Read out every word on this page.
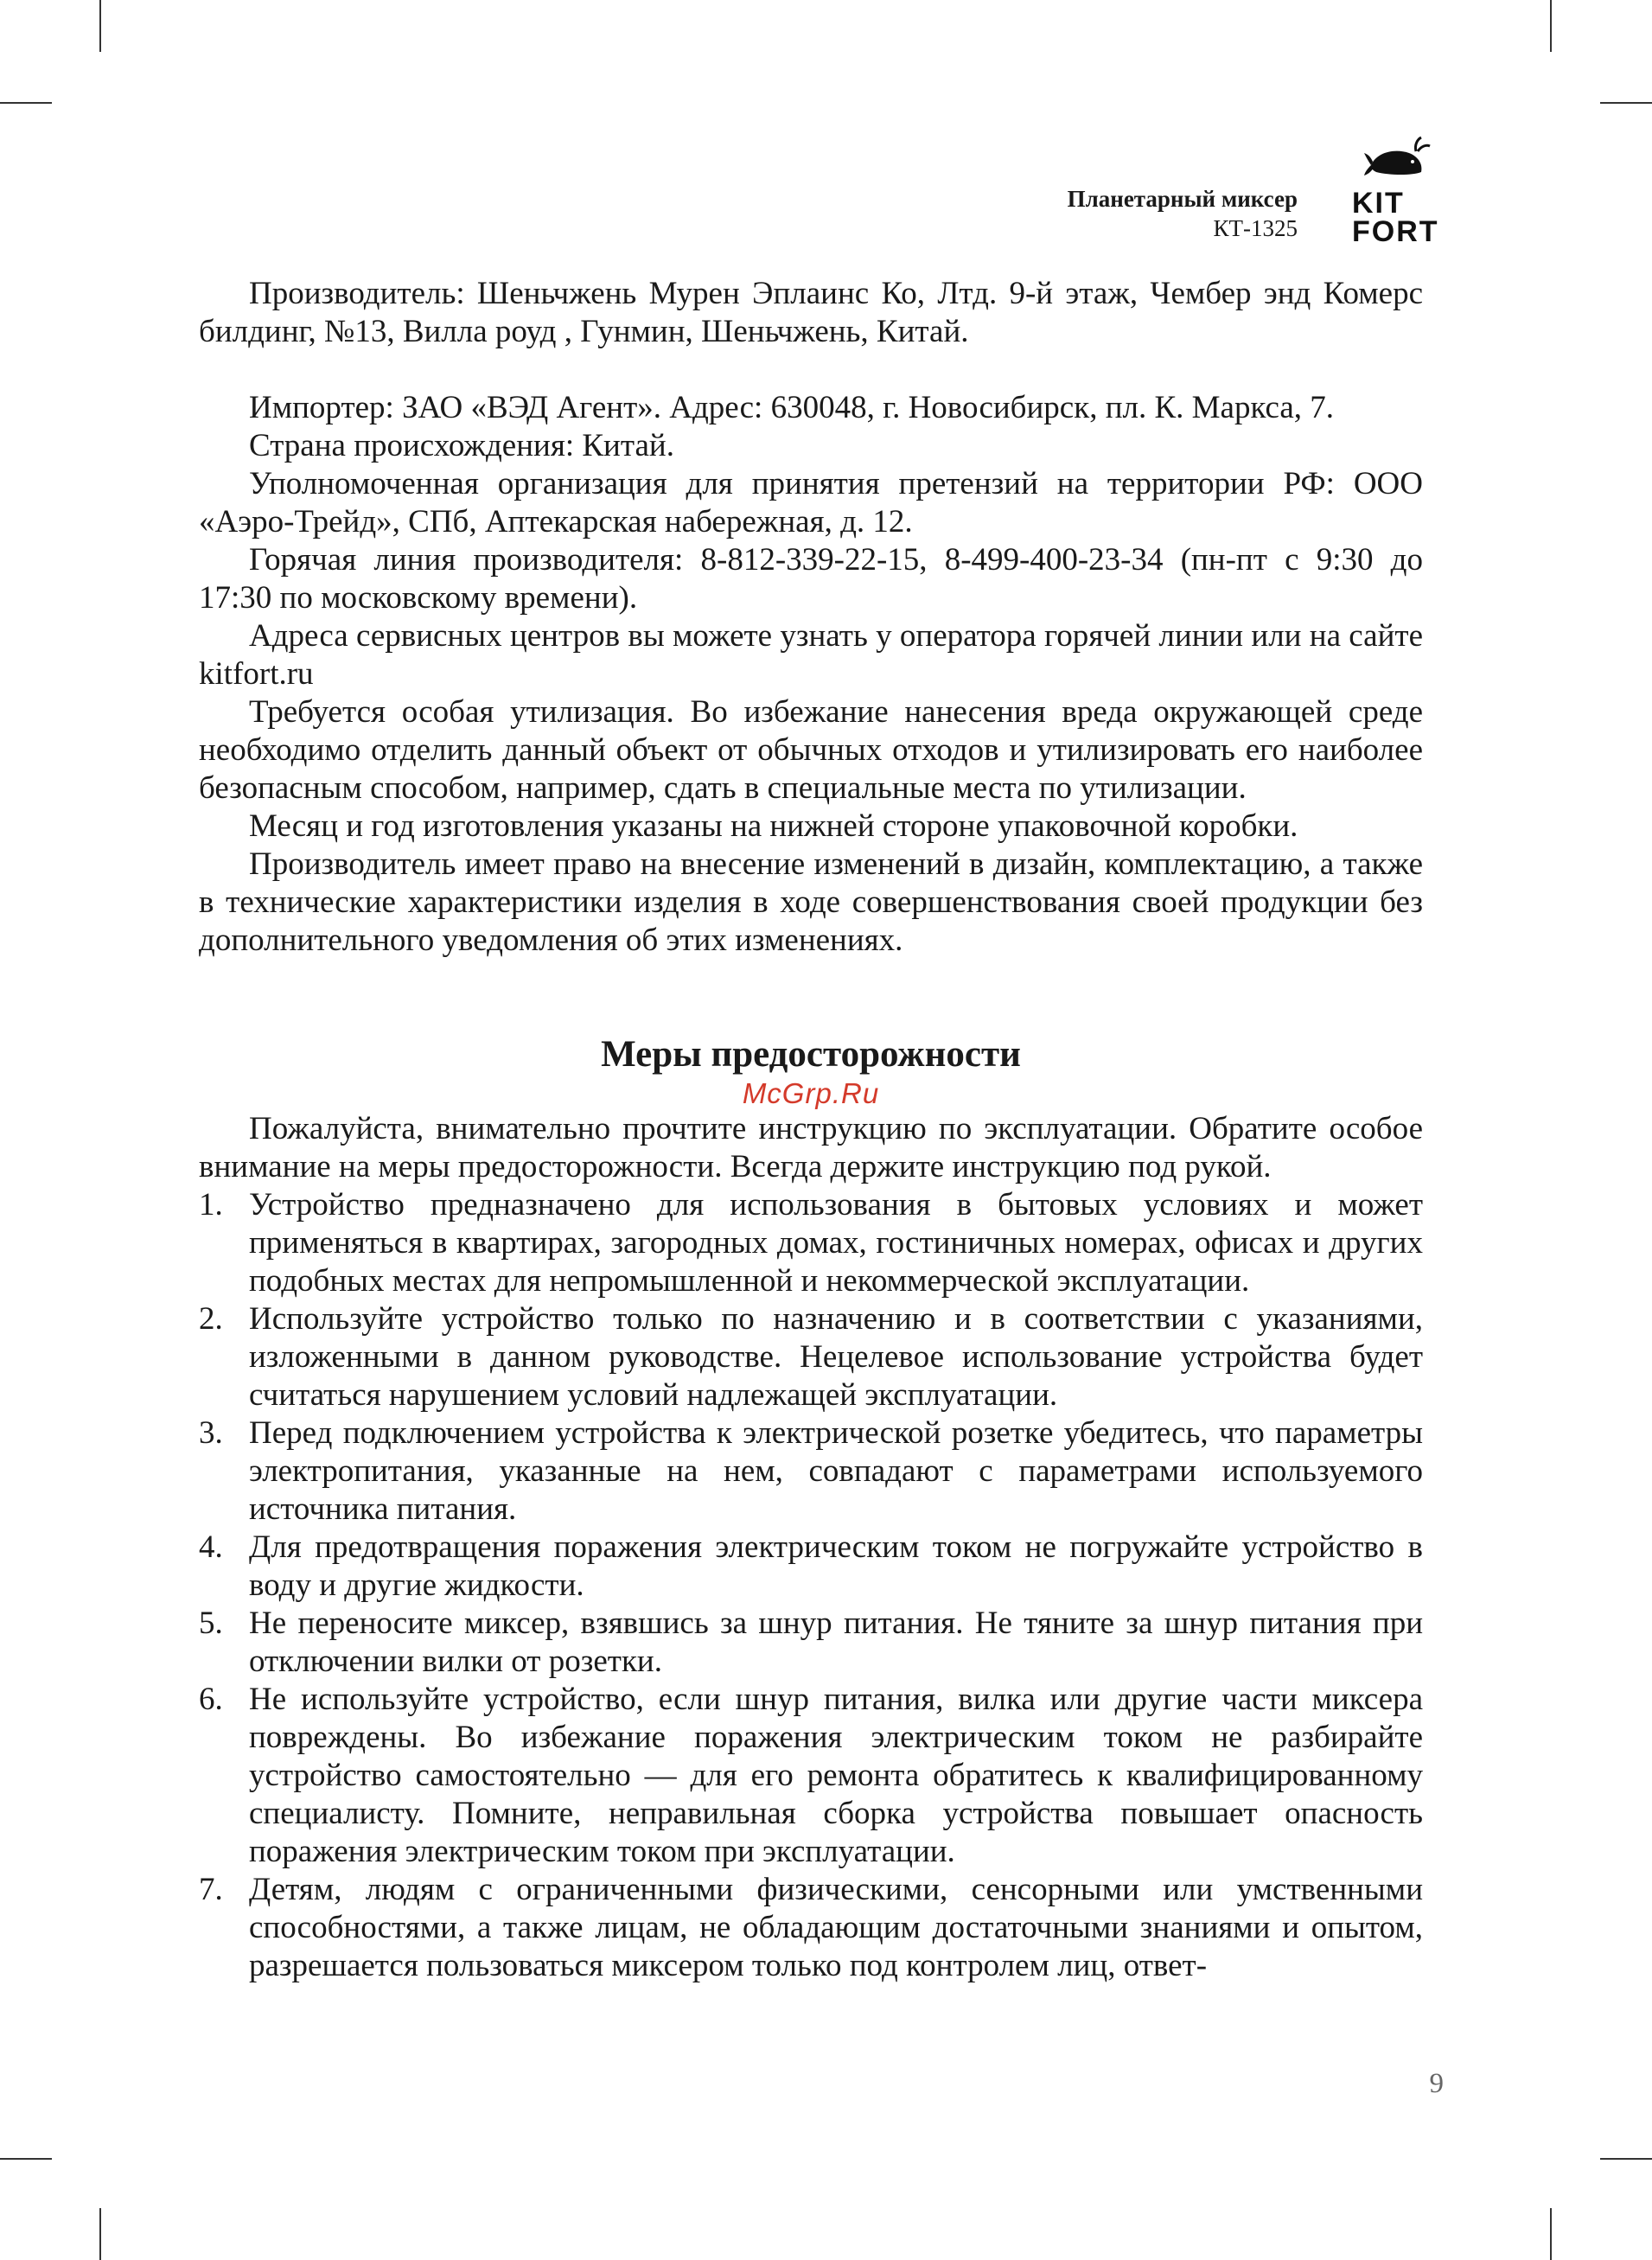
Планетарный миксер
КТ-1325
KIT
FORT

Производитель: Шеньчжень Мурен Эплаинс Ко, Лтд. 9-й этаж, Чембер энд Комерс билдинг, №13, Вилла роуд , Гунмин, Шеньчжень, Китай.

Импортер: ЗАО «ВЭД Агент». Адрес: 630048, г. Новосибирск, пл. К. Маркса, 7.

Страна происхождения: Китай.

Уполномоченная организация для принятия претензий на территории РФ: ООО «Аэро-Трейд», СПб, Аптекарская набережная, д. 12.

Горячая линия производителя: 8-812-339-22-15, 8-499-400-23-34 (пн-пт с 9:30 до 17:30 по московскому времени).

Адреса сервисных центров вы можете узнать у оператора горячей линии или на сайте kitfort.ru

Требуется особая утилизация. Во избежание нанесения вреда окружающей среде необходимо отделить данный объект от обычных отходов и утилизировать его наиболее безопасным способом, например, сдать в специальные места по утилизации.

Месяц и год изготовления указаны на нижней стороне упаковочной коробки.

Производитель имеет право на внесение изменений в дизайн, комплектацию, а также в технические характеристики изделия в ходе совершенствования своей продукции без дополнительного уведомления об этих изменениях.

Меры предосторожности
McGrp.Ru

Пожалуйста, внимательно прочтите инструкцию по эксплуатации. Обратите особое внимание на меры предосторожности. Всегда держите инструкцию под рукой.

1. Устройство предназначено для использования в бытовых условиях и может применяться в квартирах, загородных домах, гостиничных номерах, офисах и других подобных местах для непромышленной и некоммерческой эксплуатации.
2. Используйте устройство только по назначению и в соответствии с указаниями, изложенными в данном руководстве. Нецелевое использование устройства будет считаться нарушением условий надлежащей эксплуатации.
3. Перед подключением устройства к электрической розетке убедитесь, что параметры электропитания, указанные на нем, совпадают с параметрами используемого источника питания.
4. Для предотвращения поражения электрическим током не погружайте устройство в воду и другие жидкости.
5. Не переносите миксер, взявшись за шнур питания. Не тяните за шнур питания при отключении вилки от розетки.
6. Не используйте устройство, если шнур питания, вилка или другие части миксера повреждены. Во избежание поражения электрическим током не разбирайте устройство самостоятельно — для его ремонта обратитесь к квалифицированному специалисту. Помните, неправильная сборка устройства повышает опасность поражения электрическим током при эксплуатации.
7. Детям, людям с ограниченными физическими, сенсорными или умственными способностями, а также лицам, не обладающим достаточными знаниями и опытом, разрешается пользоваться миксером только под контролем лиц, ответ-
9
